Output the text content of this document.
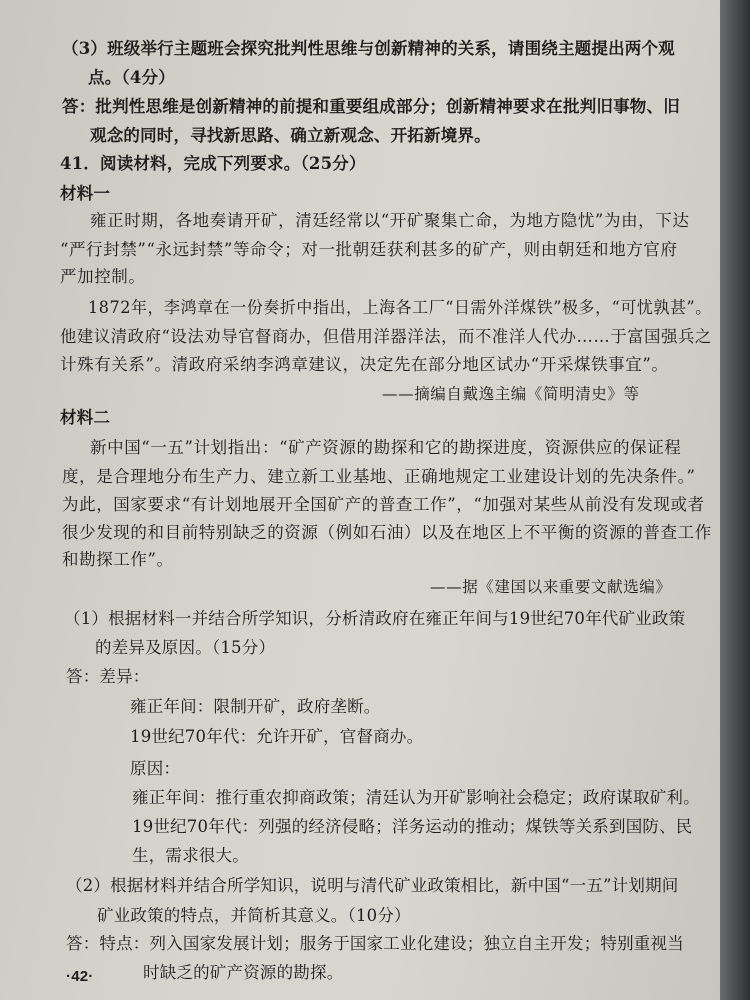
（3）班级举行主题班会探究批判性思维与创新精神的关系，请围绕主题提出两个观
点。（4分）
答：批判性思维是创新精神的前提和重要组成部分；创新精神要求在批判旧事物、旧
观念的同时，寻找新思路、确立新观念、开拓新境界。
41．阅读材料，完成下列要求。（25分）
材料一
雍正时期，各地奏请开矿，清廷经常以“开矿聚集亡命，为地方隐忧”为由，下达
“严行封禁”“永远封禁”等命令；对一批朝廷获利甚多的矿产，则由朝廷和地方官府
严加控制。
1872年，李鸿章在一份奏折中指出，上海各工厂“日需外洋煤铁”极多，“可忧孰甚”。
他建议清政府“设法劝导官督商办，但借用洋器洋法，而不准洋人代办……于富国强兵之
计殊有关系”。清政府采纳李鸿章建议，决定先在部分地区试办“开采煤铁事宜”。
——摘编自戴逸主编《简明清史》等
材料二
新中国“一五”计划指出：“矿产资源的勘探和它的勘探进度，资源供应的保证程
度，是合理地分布生产力、建立新工业基地、正确地规定工业建设计划的先决条件。”
为此，国家要求“有计划地展开全国矿产的普查工作”，“加强对某些从前没有发现或者
很少发现的和目前特别缺乏的资源（例如石油）以及在地区上不平衡的资源的普查工作
和勘探工作”。
——据《建国以来重要文献选编》
（1）根据材料一并结合所学知识，分析清政府在雍正年间与19世纪70年代矿业政策
的差异及原因。（15分）
答：差异：
雍正年间：限制开矿，政府垄断。
19世纪70年代：允许开矿，官督商办。
原因：
雍正年间：推行重农抑商政策；清廷认为开矿影响社会稳定；政府谋取矿利。
19世纪70年代：列强的经济侵略；洋务运动的推动；煤铁等关系到国防、民
生，需求很大。
（2）根据材料并结合所学知识，说明与清代矿业政策相比，新中国“一五”计划期间
矿业政策的特点，并简析其意义。（10分）
答：特点：列入国家发展计划；服务于国家工业化建设；独立自主开发；特别重视当
时缺乏的矿产资源的勘探。
·42·
